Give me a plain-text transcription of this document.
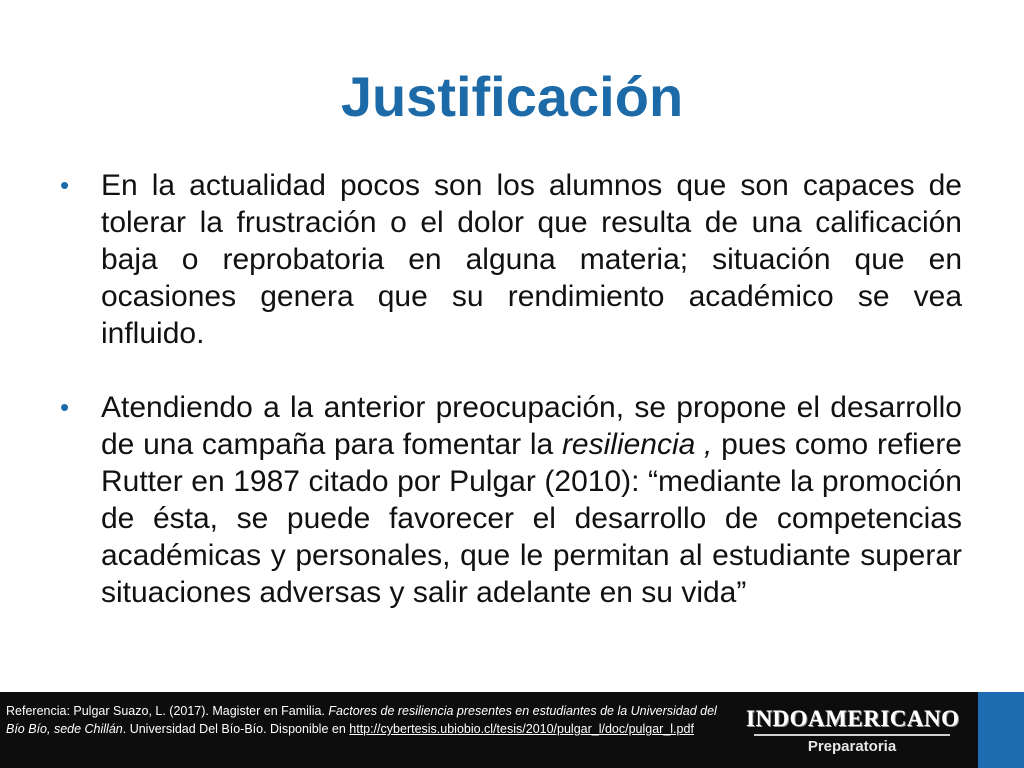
Justificación
•	En la actualidad pocos son los alumnos que son capaces de tolerar la frustración o el dolor que resulta de una calificación baja o reprobatoria en alguna materia; situación que en ocasiones genera que su rendimiento académico se vea influido.
•	Atendiendo a la anterior preocupación, se propone el desarrollo de una campaña para fomentar la resiliencia , pues como refiere Rutter en 1987 citado por Pulgar (2010): “mediante la promoción de ésta, se puede favorecer el desarrollo de competencias académicas y personales, que le permitan al estudiante superar situaciones adversas y salir adelante en su vida”
Referencia: Pulgar Suazo, L. (2017). Magister en Familia. Factores de resiliencia presentes en estudiantes de la Universidad del Bío Bío, sede Chillán. Universidad Del Bío-Bío. Disponible en http://cybertesis.ubiobio.cl/tesis/2010/pulgar_l/doc/pulgar_l.pdf	INDOAMERICANO
Preparatoria
